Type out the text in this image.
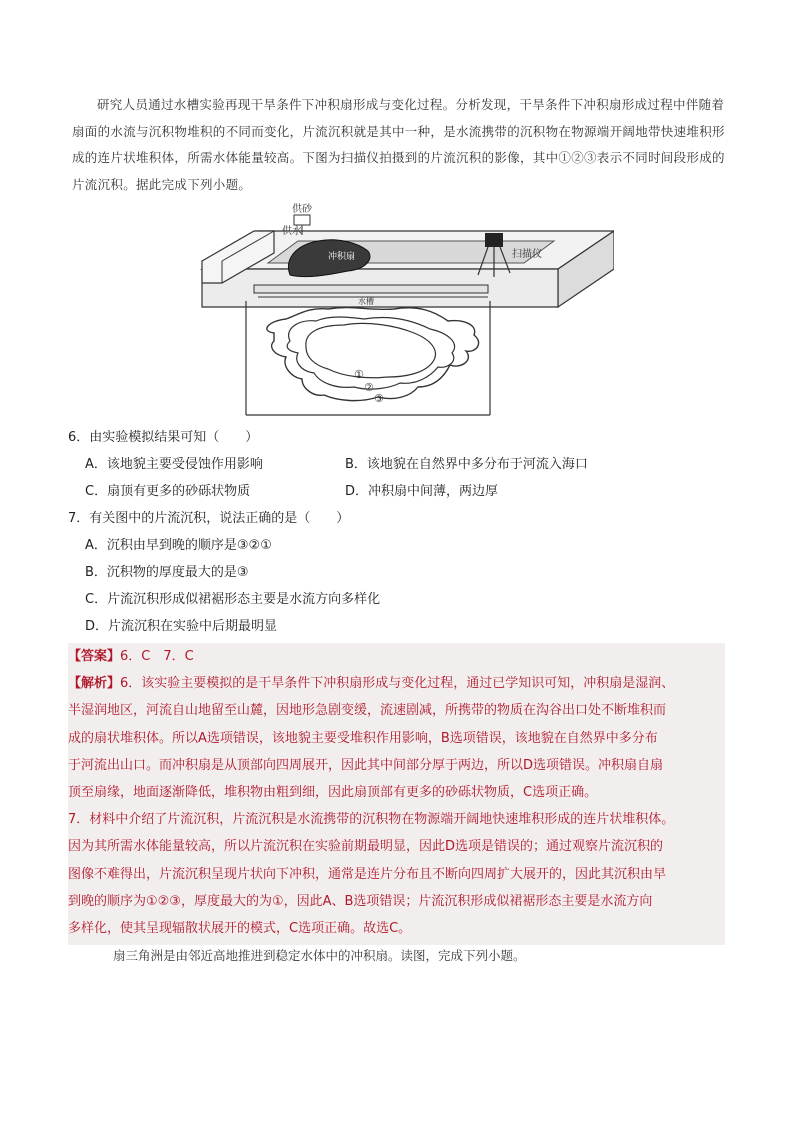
研究人员通过水槽实验再现干旱条件下冲积扇形成与变化过程。分析发现，干旱条件下冲积扇形成过程中伴随着扇面的水流与沉积物堆积的不同而变化，片流沉积就是其中一种，是水流携带的沉积物在物源端开阔地带快速堆积形成的连片状堆积体，所需水体能量较高。下图为扫描仪拍摄到的片流沉积的影像，其中①②③表示不同时间段形成的片流沉积。据此完成下列小题。

供砂
供水
冲积扇	扫描仪
水槽
①
②
③
6．由实验模拟结果可知（　　）
A．该地貌主要受侵蚀作用影响	B．该地貌在自然界中多分布于河流入海口
C．扇顶有更多的砂砾状物质	D．冲积扇中间薄，两边厚
7．有关图中的片流沉积，说法正确的是（　　）
A．沉积由早到晚的顺序是③②①
B．沉积物的厚度最大的是③
C．片流沉积形成似裙裾形态主要是水流方向多样化
D．片流沉积在实验中后期最明显
【答案】6．C　7．C
【解析】6．该实验主要模拟的是干旱条件下冲积扇形成与变化过程，通过已学知识可知，冲积扇是湿润、
半湿润地区，河流自山地留至山麓，因地形急剧变缓，流速剧减，所携带的物质在沟谷出口处不断堆积而
成的扇状堆积体。所以A选项错误，该地貌主要受堆积作用影响，B选项错误，该地貌在自然界中多分布
于河流出山口。而冲积扇是从顶部向四周展开，因此其中间部分厚于两边，所以D选项错误。冲积扇自扇
顶至扇缘，地面逐渐降低，堆积物由粗到细，因此扇顶部有更多的砂砾状物质，C选项正确。
7．材料中介绍了片流沉积，片流沉积是水流携带的沉积物在物源端开阔地快速堆积形成的连片状堆积体。
因为其所需水体能量较高，所以片流沉积在实验前期最明显，因此D选项是错误的；通过观察片流沉积的
图像不难得出，片流沉积呈现片状向下冲积，通常是连片分布且不断向四周扩大展开的，因此其沉积由早
到晚的顺序为①②③，厚度最大的为①，因此A、B选项错误；片流沉积形成似裙裾形态主要是水流方向
多样化，使其呈现辐散状展开的模式，C选项正确。故选C。

扇三角洲是由邻近高地推进到稳定水体中的冲积扇。读图，完成下列小题。
